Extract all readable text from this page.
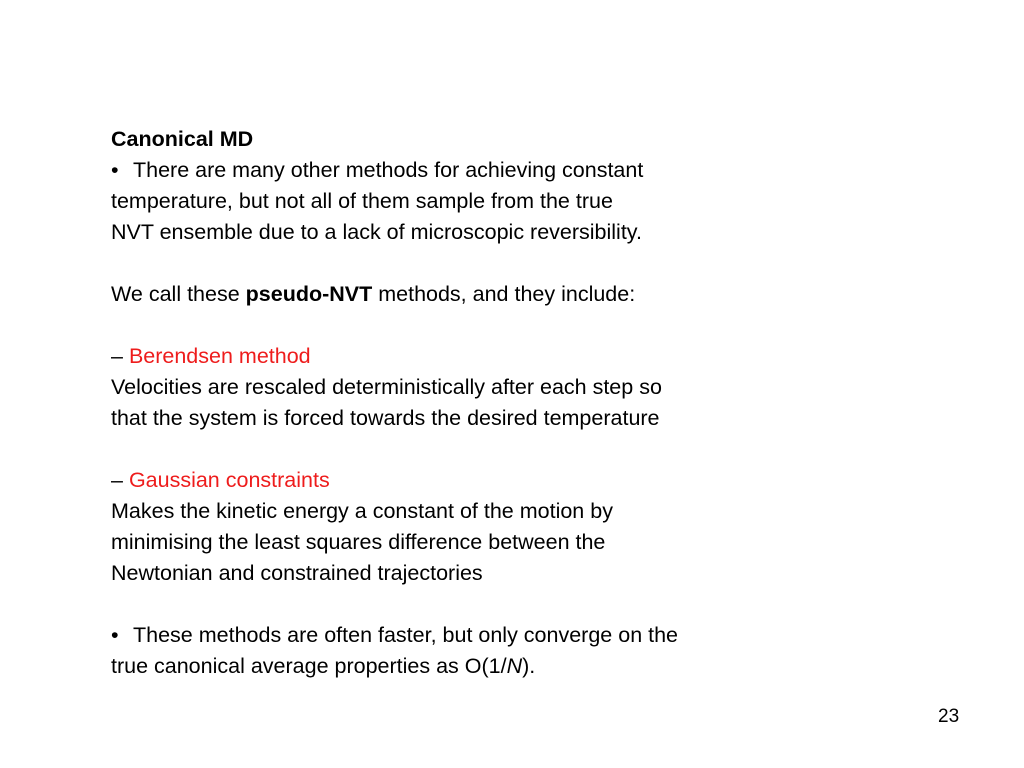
Canonical MD
• There are many other methods for achieving constant
temperature, but not all of them sample from the true
NVT ensemble due to a lack of microscopic reversibility.
We call these pseudo-NVT methods, and they include:
– Berendsen method
Velocities are rescaled deterministically after each step so
that the system is forced towards the desired temperature
– Gaussian constraints
Makes the kinetic energy a constant of the motion by
minimising the least squares difference between the
Newtonian and constrained trajectories
• These methods are often faster, but only converge on the
true canonical average properties as O(1/N).
23
